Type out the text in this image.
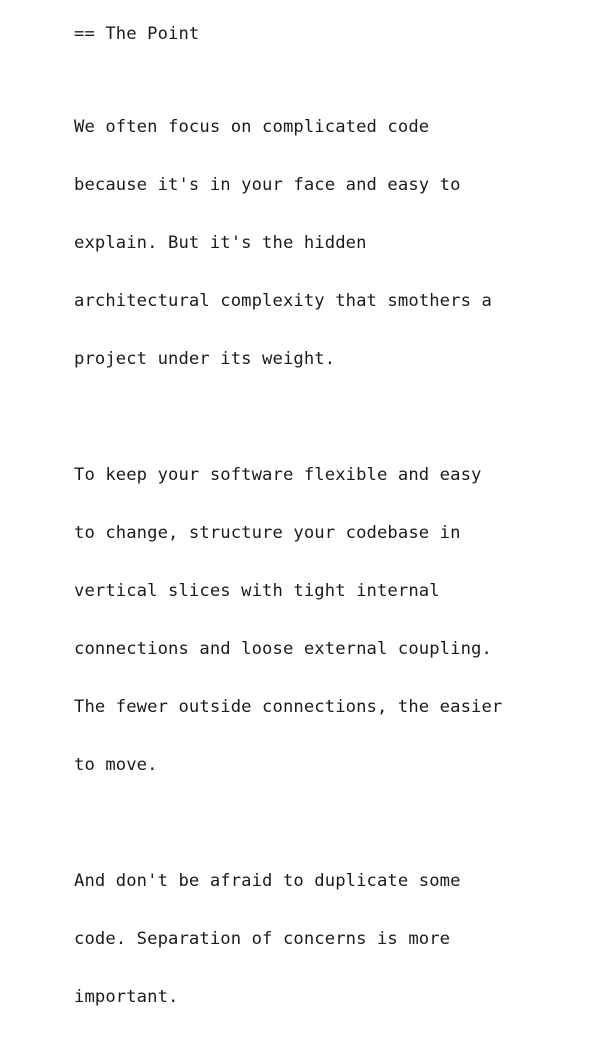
== The Point

We often focus on complicated code

because it's in your face and easy to

explain. But it's the hidden

architectural complexity that smothers a

project under its weight.

To keep your software flexible and easy

to change, structure your codebase in

vertical slices with tight internal

connections and loose external coupling.

The fewer outside connections, the easier

to move.

And don't be afraid to duplicate some

code. Separation of concerns is more

important.
